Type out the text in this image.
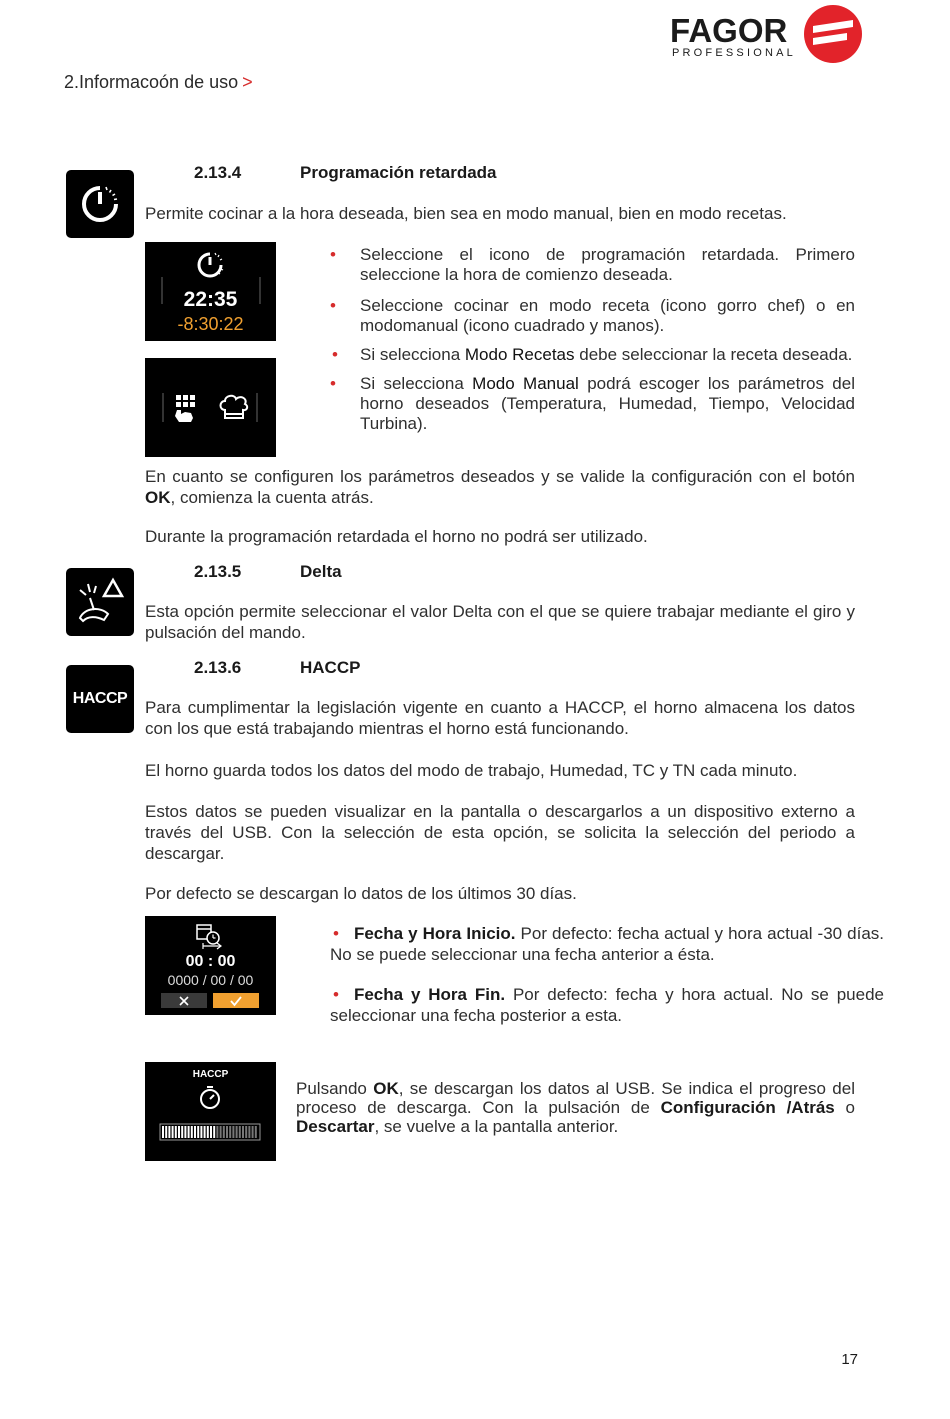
FAGOR
PROFESSIONAL
2.Informacoón de uso >
2.13.4	Programación retardada
Permite cocinar a la hora deseada, bien sea en modo manual, bien en modo recetas.
22:35
-8:30:22
• Seleccione el icono de programación retardada. Primero seleccione la hora de comienzo deseada.
• Seleccione cocinar en modo receta (icono gorro chef) o en modomanual (icono cuadrado y manos).
• Si selecciona Modo Recetas debe seleccionar la receta deseada.
• Si selecciona Modo Manual podrá escoger los parámetros del horno deseados (Temperatura, Humedad, Tiempo, Velocidad Turbina).
En cuanto se configuren los parámetros deseados y se valide la configuración con el botón OK, comienza la cuenta atrás.
Durante la programación retardada el horno no podrá ser utilizado.
2.13.5	Delta
Esta opción permite seleccionar el valor Delta con el que se quiere trabajar mediante el giro y pulsación del mando.
2.13.6	HACCP
HACCP Para cumplimentar la legislación vigente en cuanto a HACCP, el horno almacena los datos con los que está trabajando mientras el horno está funcionando.
El horno guarda todos los datos del modo de trabajo, Humedad, TC y TN cada minuto.
Estos datos se pueden visualizar en la pantalla o descargarlos a un dispositivo externo a través del USB. Con la selección de esta opción, se solicita la selección del periodo a descargar.
Por defecto se descargan lo datos de los últimos 30 días.
00 : 00
0000 / 00 / 00
• Fecha y Hora Inicio. Por defecto: fecha actual y hora actual -30 días. No se puede seleccionar una fecha anterior a ésta.
• Fecha y Hora Fin. Por defecto: fecha y hora actual. No se puede seleccionar una fecha posterior a esta.
HACCP
Pulsando OK, se descargan los datos al USB. Se indica el progreso del proceso de descarga. Con la pulsación de Configuración /Atrás o Descartar, se vuelve a la pantalla anterior.
17
